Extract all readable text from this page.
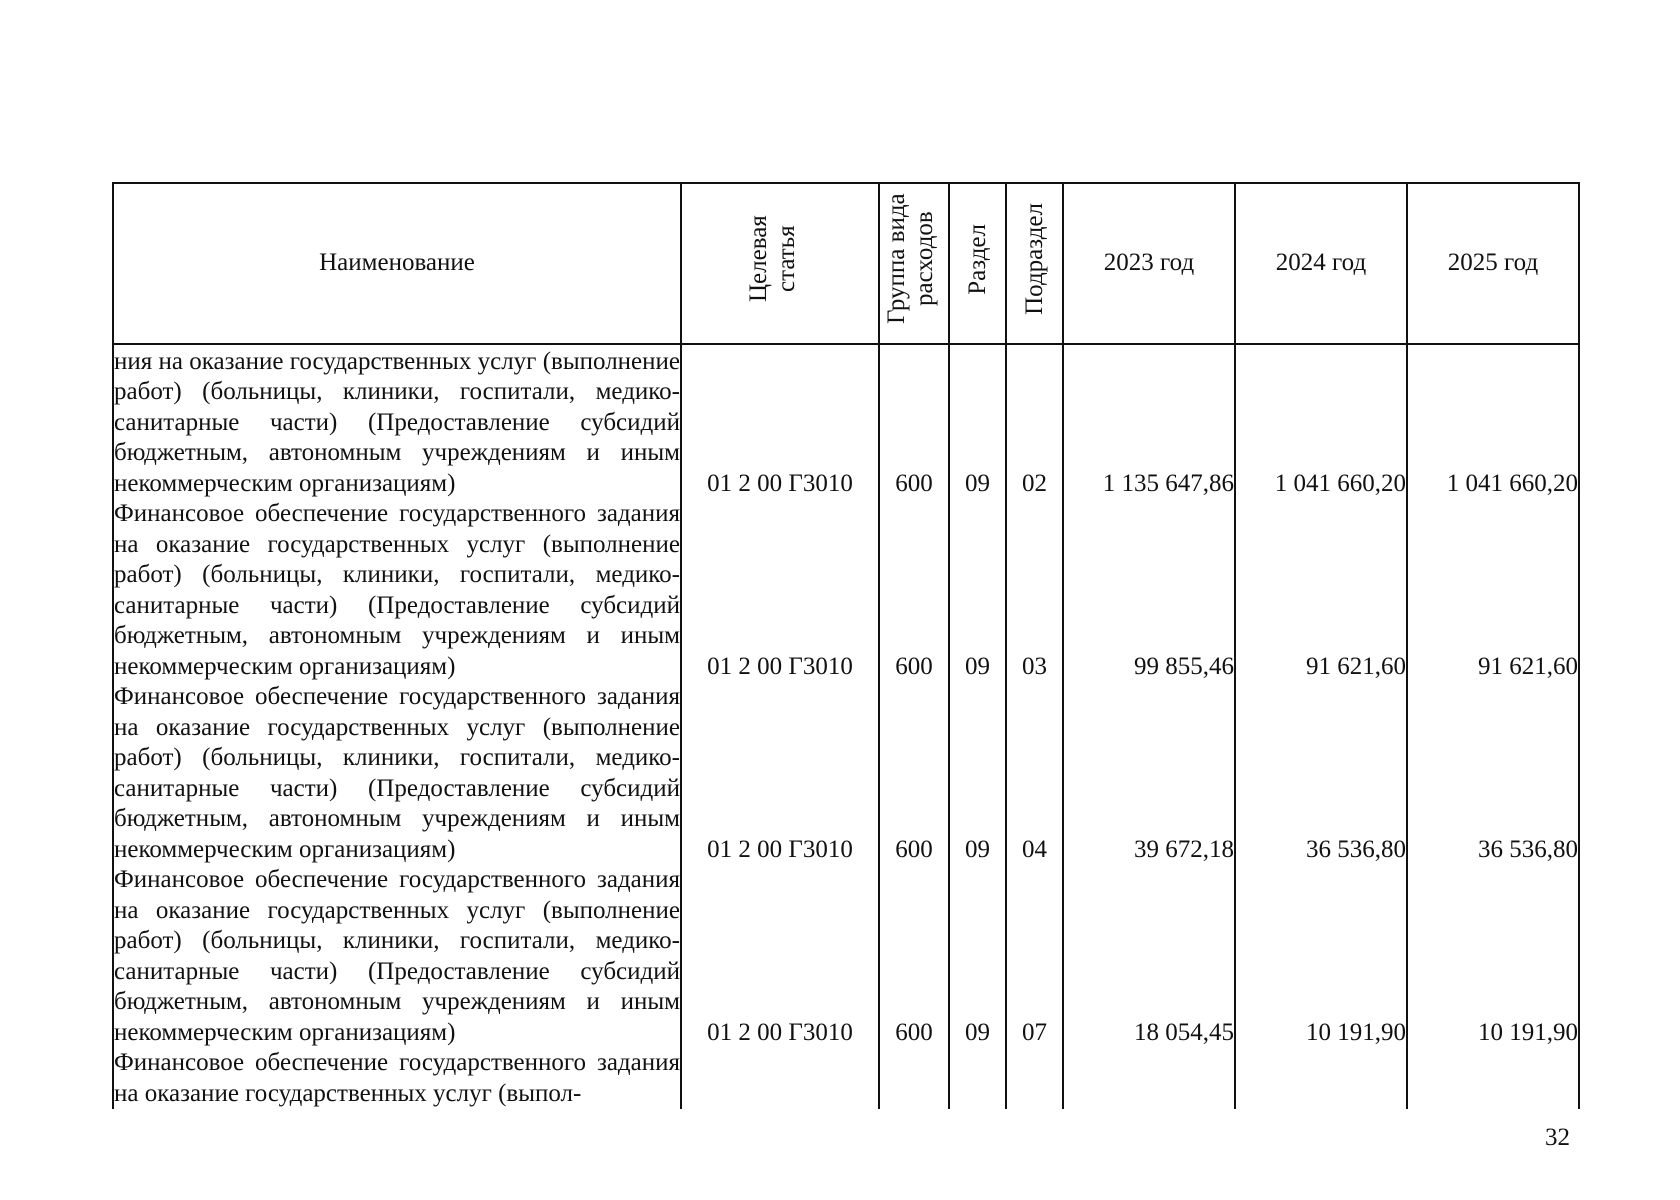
Наименование	Целевая статья	Группа вида расходов	Раздел	Подраздел	2023 год	2024 год	2025 год
ния на оказание государственных услуг (выполнение работ) (больницы, клиники, госпитали, медико-санитарные части) (Предоставление субсидий бюджетным, автономным учреждениям и иным некоммерческим организациям)	01 2 00 Г3010	600	09	02	1 135 647,86	1 041 660,20	1 041 660,20
Финансовое обеспечение государственного задания на оказание государственных услуг (выполнение работ) (больницы, клиники, госпитали, медико-санитарные части) (Предоставление субсидий бюджетным, автономным учреждениям и иным некоммерческим организациям)	01 2 00 Г3010	600	09	03	99 855,46	91 621,60	91 621,60
Финансовое обеспечение государственного задания на оказание государственных услуг (выполнение работ) (больницы, клиники, госпитали, медико-санитарные части) (Предоставление субсидий бюджетным, автономным учреждениям и иным некоммерческим организациям)	01 2 00 Г3010	600	09	04	39 672,18	36 536,80	36 536,80
Финансовое обеспечение государственного задания на оказание государственных услуг (выполнение работ) (больницы, клиники, госпитали, медико-санитарные части) (Предоставление субсидий бюджетным, автономным учреждениям и иным некоммерческим организациям)	01 2 00 Г3010	600	09	07	18 054,45	10 191,90	10 191,90
Финансовое обеспечение государственного задания на оказание государственных услуг (выпол-							
32
